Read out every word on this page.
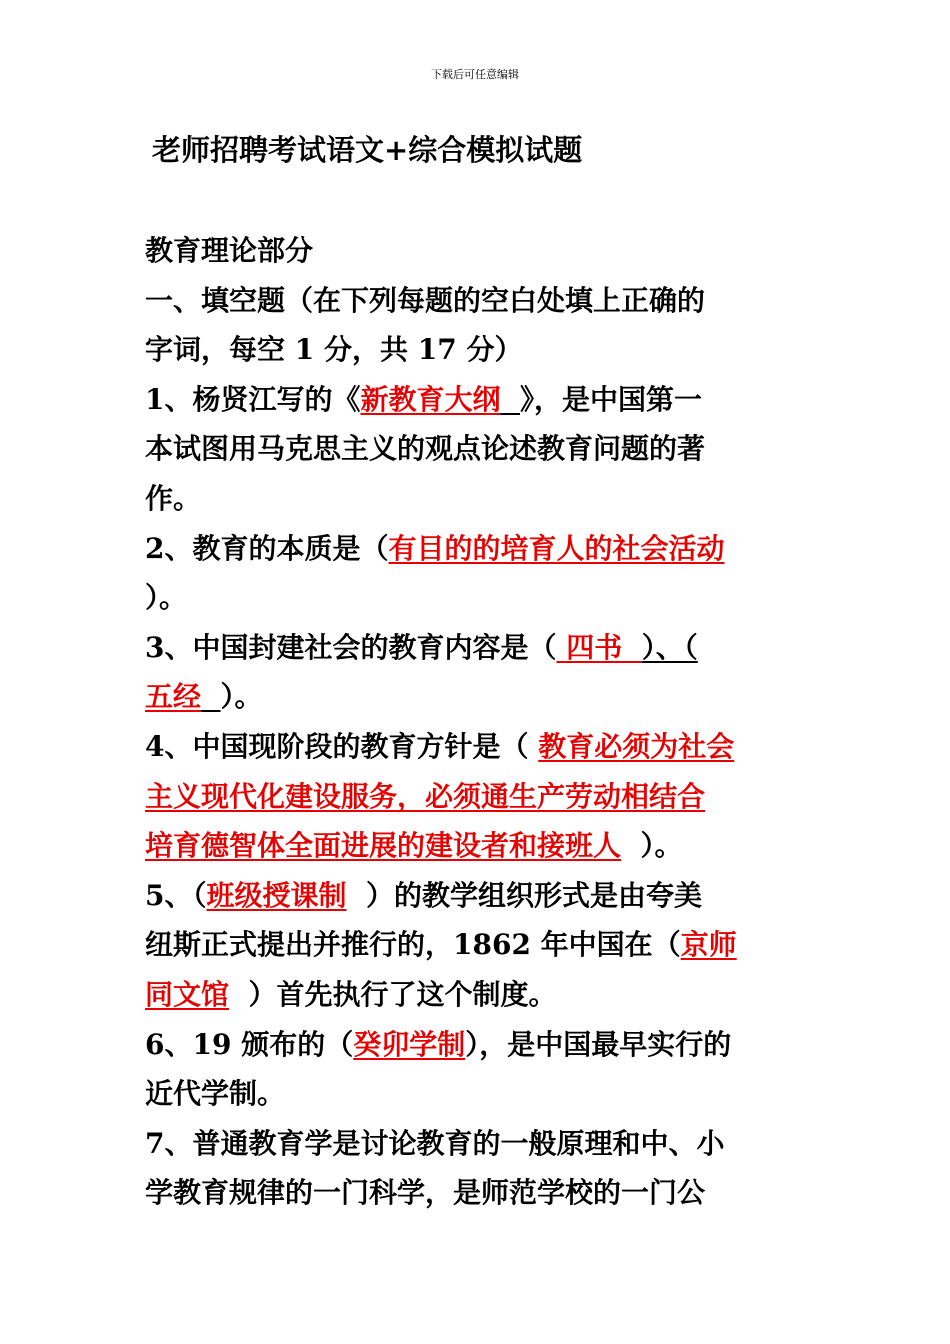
下载后可任意编辑
老师招聘考试语文+综合模拟试题
教育理论部分
一、填空题（在下列每题的空白处填上正确的
字词，每空 1 分，共 17 分）
1、杨贤江写的《新教育大纲 》，是中国第一
本试图用马克思主义的观点论述教育问题的著
作。
2、教育的本质是（ 有目的的培育人的社会活动
）。
3、中国封建社会的教育内容是（ 四书 ）、（
五经
）。
4、中国现阶段的教育方针是（ 教育必须为社会
主义现代化建设服务，必须通生产劳动相结合
培育德智体全面进展的建设者和接班人 ）。
5、（ 班级授课制
）的教学组织形式是由夸美
纽斯正式提出并推行的，1862 年中国在（ 京师
同文馆 ）首先执行了这个制度。
6、19 颁布的（ 癸卯学制 ），是中国最早实行的
近代学制。
7、普通教育学是讨论教育的一般原理和中、小
学教育规律的一门科学，是师范学校的一门公
